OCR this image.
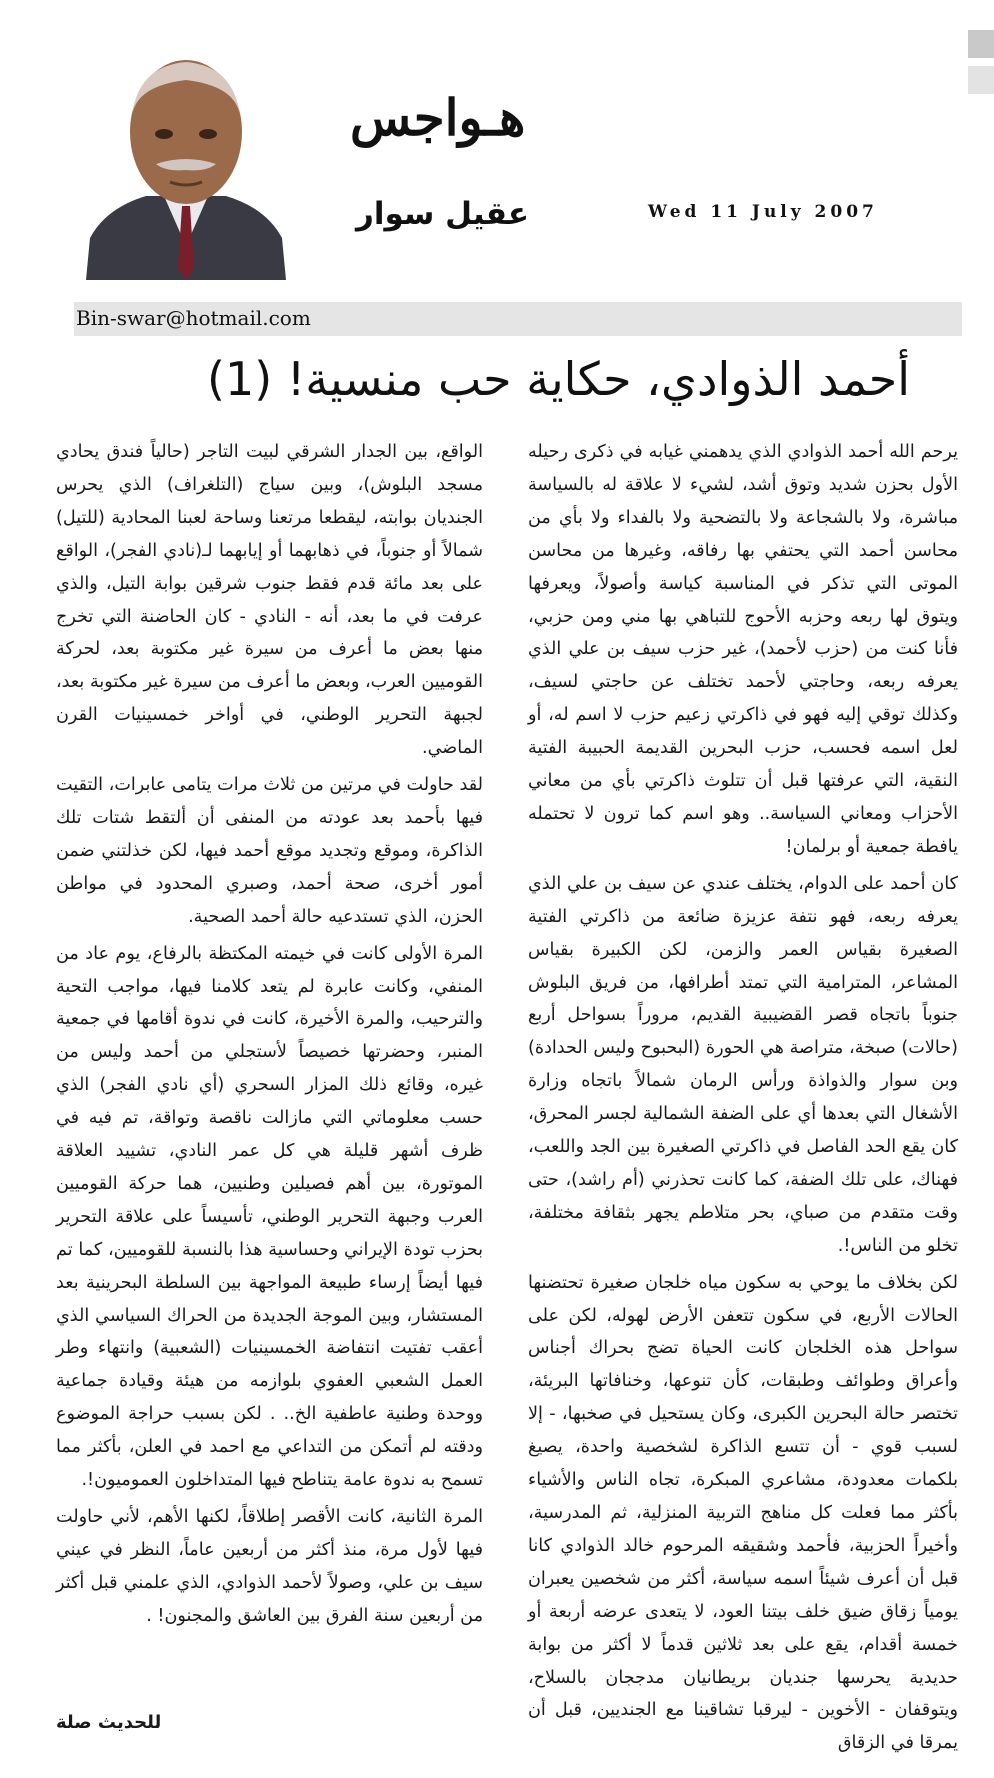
هـواجس
عقيل سوار	Wed 11 July 2007
Bin-swar@hotmail.com
أحمد الذوادي، حكاية حب منسية! (1)

يرحم الله أحمد الذوادي الذي يدهمني غيابه في ذكرى رحيله الأول بحزن شديد وتوق أشد، لشيء لا علاقة له بالسياسة مباشرة، ولا بالشجاعة ولا بالتضحية ولا بالفداء ولا بأي من محاسن أحمد التي يحتفي بها رفاقه، وغيرها من محاسن الموتى التي تذكر في المناسبة كياسة وأصولاً، ويعرفها ويتوق لها ربعه وحزبه الأحوج للتباهي بها مني ومن حزبي، فأنا كنت من (حزب لأحمد)، غير حزب سيف بن علي الذي يعرفه ربعه، وحاجتي لأحمد تختلف عن حاجتي لسيف، وكذلك توقي إليه فهو في ذاكرتي زعيم حزب لا اسم له، أو لعل اسمه فحسب، حزب البحرين القديمة الحبيبة الفتية النقية، التي عرفتها قبل أن تتلوث ذاكرتي بأي من معاني الأحزاب ومعاني السياسة.. وهو اسم كما ترون لا تحتمله يافطة جمعية أو برلمان!

كان أحمد على الدوام، يختلف عندي عن سيف بن علي الذي يعرفه ربعه، فهو نتفة عزيزة ضائعة من ذاكرتي الفتية الصغيرة بقياس العمر والزمن، لكن الكبيرة بقياس المشاعر، المترامية التي تمتد أطرافها، من فريق البلوش جنوباً باتجاه قصر القضيبية القديم، مروراً بسواحل أربع (حالات) صبخة، متراصة هي الحورة (البحبوح وليس الحدادة) وبن سوار والذواذة ورأس الرمان شمالاً باتجاه وزارة الأشغال التي بعدها أي على الضفة الشمالية لجسر المحرق، كان يقع الحد الفاصل في ذاكرتي الصغيرة بين الجد واللعب، فهناك، على تلك الضفة، كما كانت تحذرني (أم راشد)، حتى وقت متقدم من صباي، بحر متلاطم يجهر بثقافة مختلفة، تخلو من الناس!.

لكن بخلاف ما يوحي به سكون مياه خلجان صغيرة تحتضنها الحالات الأربع، في سكون تتعفن الأرض لهوله، لكن على سواحل هذه الخلجان كانت الحياة تضج بحراك أجناس وأعراق وطوائف وطبقات، كأن تنوعها، وخنافاتها البريئة، تختصر حالة البحرين الكبرى، وكان يستحيل في صخبها، - إلا لسبب قوي - أن تتسع الذاكرة لشخصية واحدة، يصيغ بلكمات معدودة، مشاعري المبكرة، تجاه الناس والأشياء بأكثر مما فعلت كل مناهج التربية المنزلية، ثم المدرسية، وأخيراً الحزبية، فأحمد وشقيقه المرحوم خالد الذوادي كانا قبل أن أعرف شيئاً اسمه سياسة، أكثر من شخصين يعبران يومياً زقاق ضيق خلف بيتنا العود، لا يتعدى عرضه أربعة أو خمسة أقدام، يقع على بعد ثلاثين قدماً لا أكثر من بوابة حديدية يحرسها جنديان بريطانيان مدججان بالسلاح، ويتوقفان - الأخوين - ليرقبا تشاقينا مع الجنديين، قبل أن يمرقا في الزقاق

الواقع، بين الجدار الشرقي لبيت التاجر (حالياً فندق يحادي مسجد البلوش)، وبين سياج (التلغراف) الذي يحرس الجنديان بوابته، ليقطعا مرتعنا وساحة لعبنا المحادية (للتيل) شمالاً أو جنوباً، في ذهابهما أو إيابهما لـ(نادي الفجر)، الواقع على بعد مائة قدم فقط جنوب شرقين بوابة التيل، والذي عرفت في ما بعد، أنه - النادي - كان الحاضنة التي تخرج منها بعض ما أعرف من سيرة غير مكتوبة بعد، لحركة القوميين العرب، وبعض ما أعرف من سيرة غير مكتوبة بعد، لجبهة التحرير الوطني، في أواخر خمسينيات القرن الماضي.

لقد حاولت في مرتين من ثلاث مرات يتامى عابرات، التقيت فيها بأحمد بعد عودته من المنفى أن ألتقط شتات تلك الذاكرة، وموقع وتجديد موقع أحمد فيها، لكن خذلتني ضمن أمور أخرى، صحة أحمد، وصبري المحدود في مواطن الحزن، الذي تستدعيه حالة أحمد الصحية.

المرة الأولى كانت في خيمته المكتظة بالرفاع، يوم عاد من المنفي، وكانت عابرة لم يتعد كلامنا فيها، مواجب التحية والترحيب، والمرة الأخيرة، كانت في ندوة أقامها في جمعية المنبر، وحضرتها خصيصاً لأستجلي من أحمد وليس من غيره، وقائع ذلك المزار السحري (أي نادي الفجر) الذي حسب معلوماتي التي مازالت ناقصة وتواقة، تم فيه في ظرف أشهر قليلة هي كل عمر النادي، تشييد العلاقة الموتورة، بين أهم فصيلين وطنيين، هما حركة القوميين العرب وجبهة التحرير الوطني، تأسيساً على علاقة التحرير بحزب تودة الإيراني وحساسية هذا بالنسبة للقوميين، كما تم فيها أيضاً إرساء طبيعة المواجهة بين السلطة البحرينية بعد المستشار، وبين الموجة الجديدة من الحراك السياسي الذي أعقب تفتيت انتفاضة الخمسينيات (الشعبية) وانتهاء وطر العمل الشعبي العفوي بلوازمه من هيئة وقيادة جماعية ووحدة وطنية عاطفية الخ.. . لكن بسبب حراجة الموضوع ودقته لم أتمكن من التداعي مع احمد في العلن، بأكثر مما تسمح به ندوة عامة يتناطح فيها المتداخلون العموميون!.

المرة الثانية، كانت الأقصر إطلاقاً، لكنها الأهم، لأني حاولت فيها لأول مرة، منذ أكثر من أربعين عاماً، النظر في عيني سيف بن علي، وصولاً لأحمد الذوادي، الذي علمني قبل أكثر من أربعين سنة الفرق بين العاشق والمجنون! .

للحديث صلة
